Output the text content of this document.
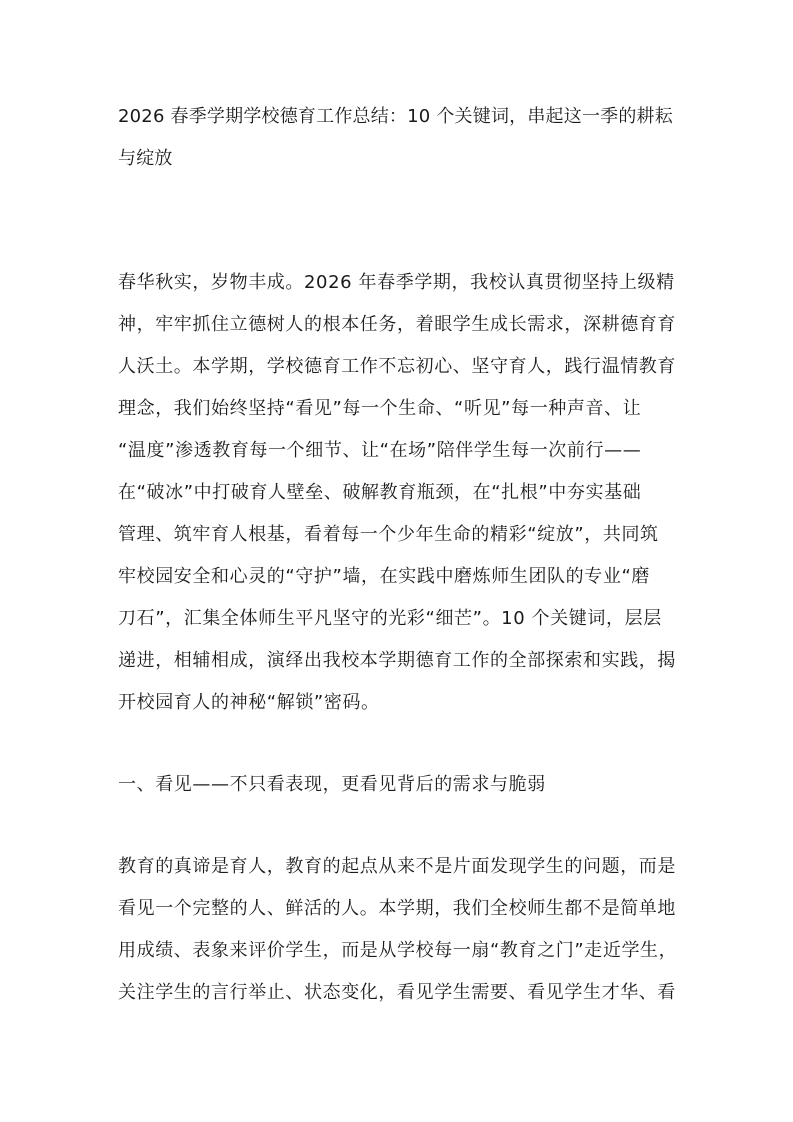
2026 春季学期学校德育工作总结：10 个关键词，串起这一季的耕耘

与绽放

春华秋实，岁物丰成。2026 年春季学期，我校认真贯彻坚持上级精

神，牢牢抓住立德树人的根本任务，着眼学生成长需求，深耕德育育

人沃土。本学期，学校德育工作不忘初心、坚守育人，践行温情教育

理念，我们始终坚持“看见”每一个生命、“听见”每一种声音、让

“温度”渗透教育每一个细节、让“在场”陪伴学生每一次前行——

在“破冰”中打破育人壁垒、破解教育瓶颈，在“扎根”中夯实基础

管理、筑牢育人根基，看着每一个少年生命的精彩“绽放”，共同筑

牢校园安全和心灵的“守护”墙，在实践中磨炼师生团队的专业“磨

刀石”，汇集全体师生平凡坚守的光彩“细芒”。10 个关键词，层层

递进，相辅相成，演绎出我校本学期德育工作的全部探索和实践，揭

开校园育人的神秘“解锁”密码。

一、看见——不只看表现，更看见背后的需求与脆弱

教育的真谛是育人，教育的起点从来不是片面发现学生的问题，而是

看见一个完整的人、鲜活的人。本学期，我们全校师生都不是简单地

用成绩、表象来评价学生，而是从学校每一扇“教育之门”走近学生，

关注学生的言行举止、状态变化，看见学生需要、看见学生才华、看
